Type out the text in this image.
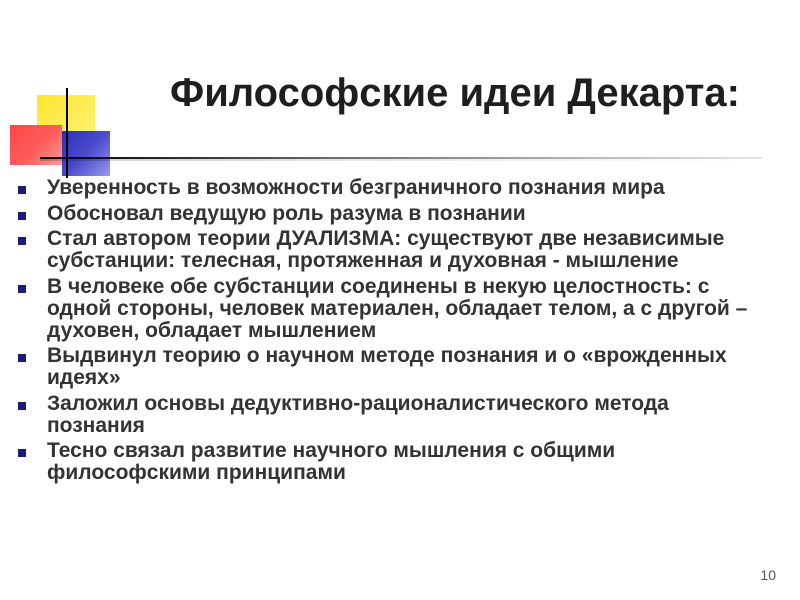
Философские идеи Декарта:
Уверенность в возможности безграничного познания мира
Обосновал ведущую роль разума в познании
Стал автором теории ДУАЛИЗМА: существуют две независимые
субстанции: телесная, протяженная и духовная - мышление
В человеке обе субстанции соединены в некую целостность: с
одной стороны, человек материален, обладает телом, а с другой –
духовен, обладает мышлением
Выдвинул теорию о научном методе познания и о «врожденных
идеях»
Заложил основы дедуктивно-рационалистического метода
познания
Тесно связал развитие научного мышления с общими
философскими принципами
10
